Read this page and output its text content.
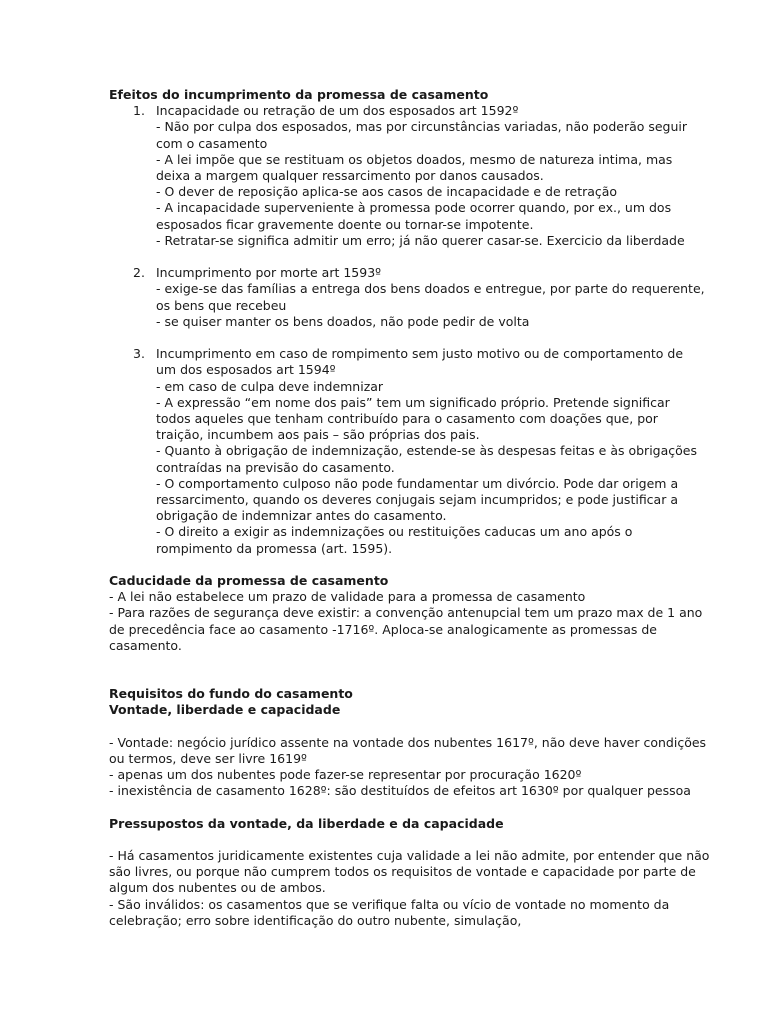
Efeitos do incumprimento da promessa de casamento
1. Incapacidade ou retração de um dos esposados art 1592º
- Não por culpa dos esposados, mas por circunstâncias variadas, não poderão seguir
com o casamento
- A lei impõe que se restituam os objetos doados, mesmo de natureza intima, mas
deixa a margem qualquer ressarcimento por danos causados.
- O dever de reposição aplica-se aos casos de incapacidade e de retração
- A incapacidade superveniente à promessa pode ocorrer quando, por ex., um dos
esposados ficar gravemente doente ou tornar-se impotente.
- Retratar-se significa admitir um erro; já não querer casar-se. Exercicio da liberdade
2. Incumprimento por morte art 1593º
- exige-se das famílias a entrega dos bens doados e entregue, por parte do requerente,
os bens que recebeu
- se quiser manter os bens doados, não pode pedir de volta
3. Incumprimento em caso de rompimento sem justo motivo ou de comportamento de
um dos esposados art 1594º
- em caso de culpa deve indemnizar
- A expressão “em nome dos pais” tem um significado próprio. Pretende significar
todos aqueles que tenham contribuído para o casamento com doações que, por
traição, incumbem aos pais – são próprias dos pais.
- Quanto à obrigação de indemnização, estende-se às despesas feitas e às obrigações
contraídas na previsão do casamento.
- O comportamento culposo não pode fundamentar um divórcio. Pode dar origem a
ressarcimento, quando os deveres conjugais sejam incumpridos; e pode justificar a
obrigação de indemnizar antes do casamento.
- O direito a exigir as indemnizações ou restituições caducas um ano após o
rompimento da promessa (art. 1595).
Caducidade da promessa de casamento
- A lei não estabelece um prazo de validade para a promessa de casamento
- Para razões de segurança deve existir: a convenção antenupcial tem um prazo max de 1 ano
de precedência face ao casamento -1716º. Aploca-se analogicamente as promessas de
casamento.
Requisitos do fundo do casamento
Vontade, liberdade e capacidade
- Vontade: negócio jurídico assente na vontade dos nubentes 1617º, não deve haver condições
ou termos, deve ser livre 1619º
- apenas um dos nubentes pode fazer-se representar por procuração 1620º
- inexistência de casamento 1628º: são destituídos de efeitos art 1630º por qualquer pessoa
Pressupostos da vontade, da liberdade e da capacidade
- Há casamentos juridicamente existentes cuja validade a lei não admite, por entender que não
são livres, ou porque não cumprem todos os requisitos de vontade e capacidade por parte de
algum dos nubentes ou de ambos.
- São inválidos: os casamentos que se verifique falta ou vício de vontade no momento da
celebração; erro sobre identificação do outro nubente, simulação,
